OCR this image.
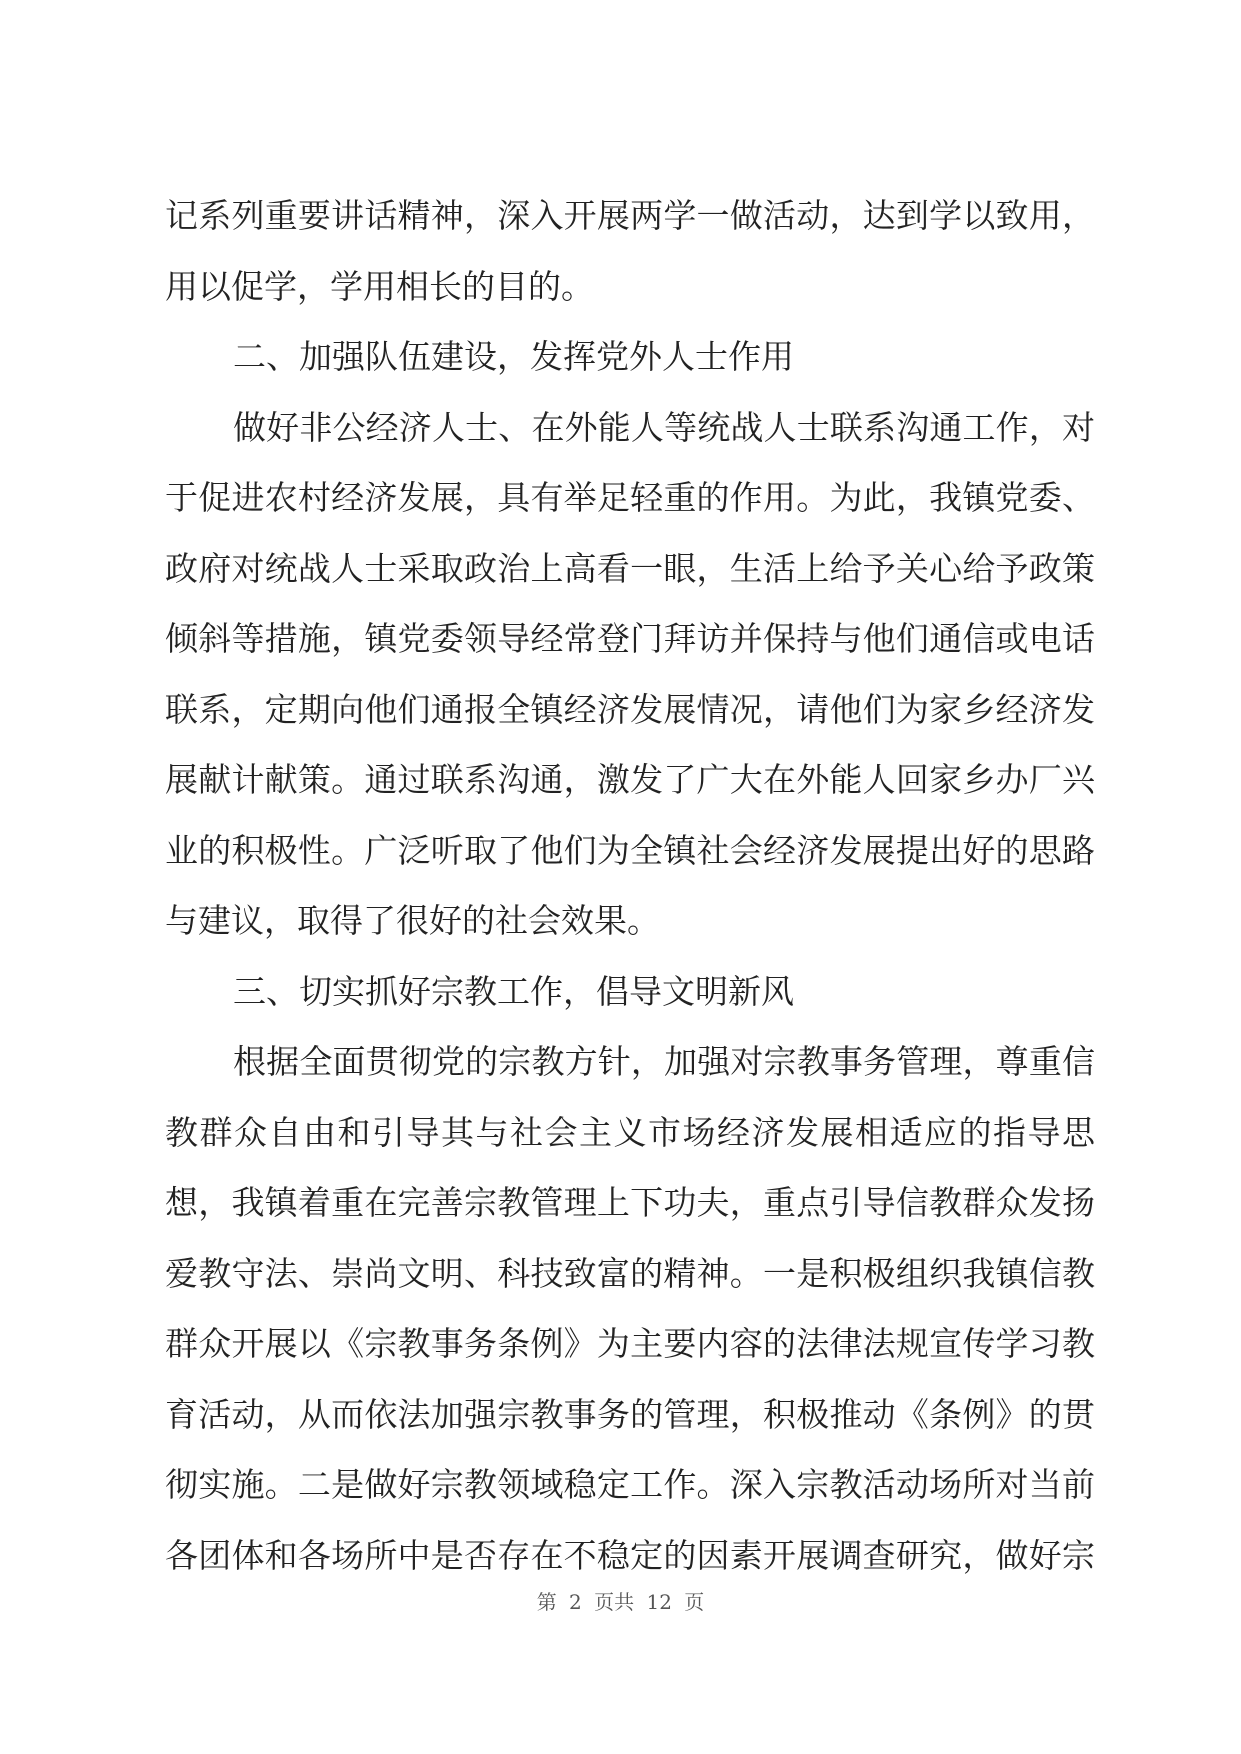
记系列重要讲话精神，深入开展两学一做活动，达到学以致用，
用以促学，学用相长的目的。
二、加强队伍建设，发挥党外人士作用
做好非公经济人士、在外能人等统战人士联系沟通工作，对
于促进农村经济发展，具有举足轻重的作用。为此，我镇党委、
政府对统战人士采取政治上高看一眼，生活上给予关心给予政策
倾斜等措施，镇党委领导经常登门拜访并保持与他们通信或电话
联系，定期向他们通报全镇经济发展情况，请他们为家乡经济发
展献计献策。通过联系沟通，激发了广大在外能人回家乡办厂兴
业的积极性。广泛听取了他们为全镇社会经济发展提出好的思路
与建议，取得了很好的社会效果。
三、切实抓好宗教工作，倡导文明新风
根据全面贯彻党的宗教方针，加强对宗教事务管理，尊重信
教群众自由和引导其与社会主义市场经济发展相适应的指导思
想，我镇着重在完善宗教管理上下功夫，重点引导信教群众发扬
爱教守法、崇尚文明、科技致富的精神。一是积极组织我镇信教
群众开展以《宗教事务条例》为主要内容的法律法规宣传学习教
育活动，从而依法加强宗教事务的管理，积极推动《条例》的贯
彻实施。二是做好宗教领域稳定工作。深入宗教活动场所对当前
各团体和各场所中是否存在不稳定的因素开展调查研究，做好宗
第 2 页共 12 页
